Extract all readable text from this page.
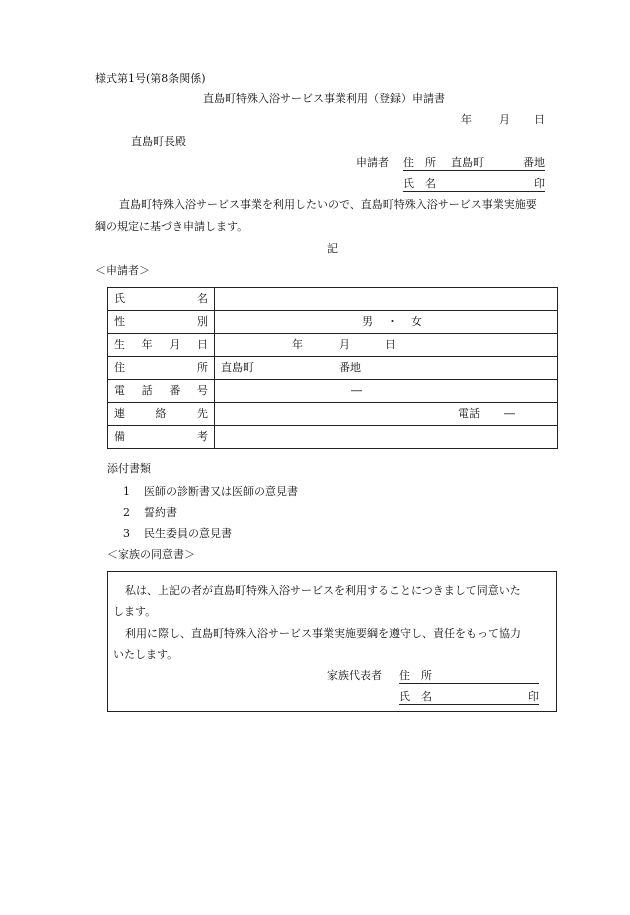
様式第1号(第8条関係)
直島町特殊入浴サービス事業利用（登録）申請書
年 月 日
直島町長殿
申請者 住　所 直島町	番地
氏　名	印
直島町特殊入浴サービス事業を利用したいので、直島町特殊入浴サービス事業実施要
綱の規定に基づき申請します。
記
＜申請者＞
氏 名	

性 別	男 ・ 女

生 年 月 日	年 月 日

住 所	直島町 番地

電 話 番 号	―

連 絡 先	電話 ―

備 考	

添付書類
1 医師の診断書又は医師の意見書
2 誓約書
3 民生委員の意見書
＜家族の同意書＞
私は、上記の者が直島町特殊入浴サービスを利用することにつきまして同意いた
します。
利用に際し、直島町特殊入浴サービス事業実施要綱を遵守し、責任をもって協力
いたします。
家族代表者 住　所
氏　名	印
